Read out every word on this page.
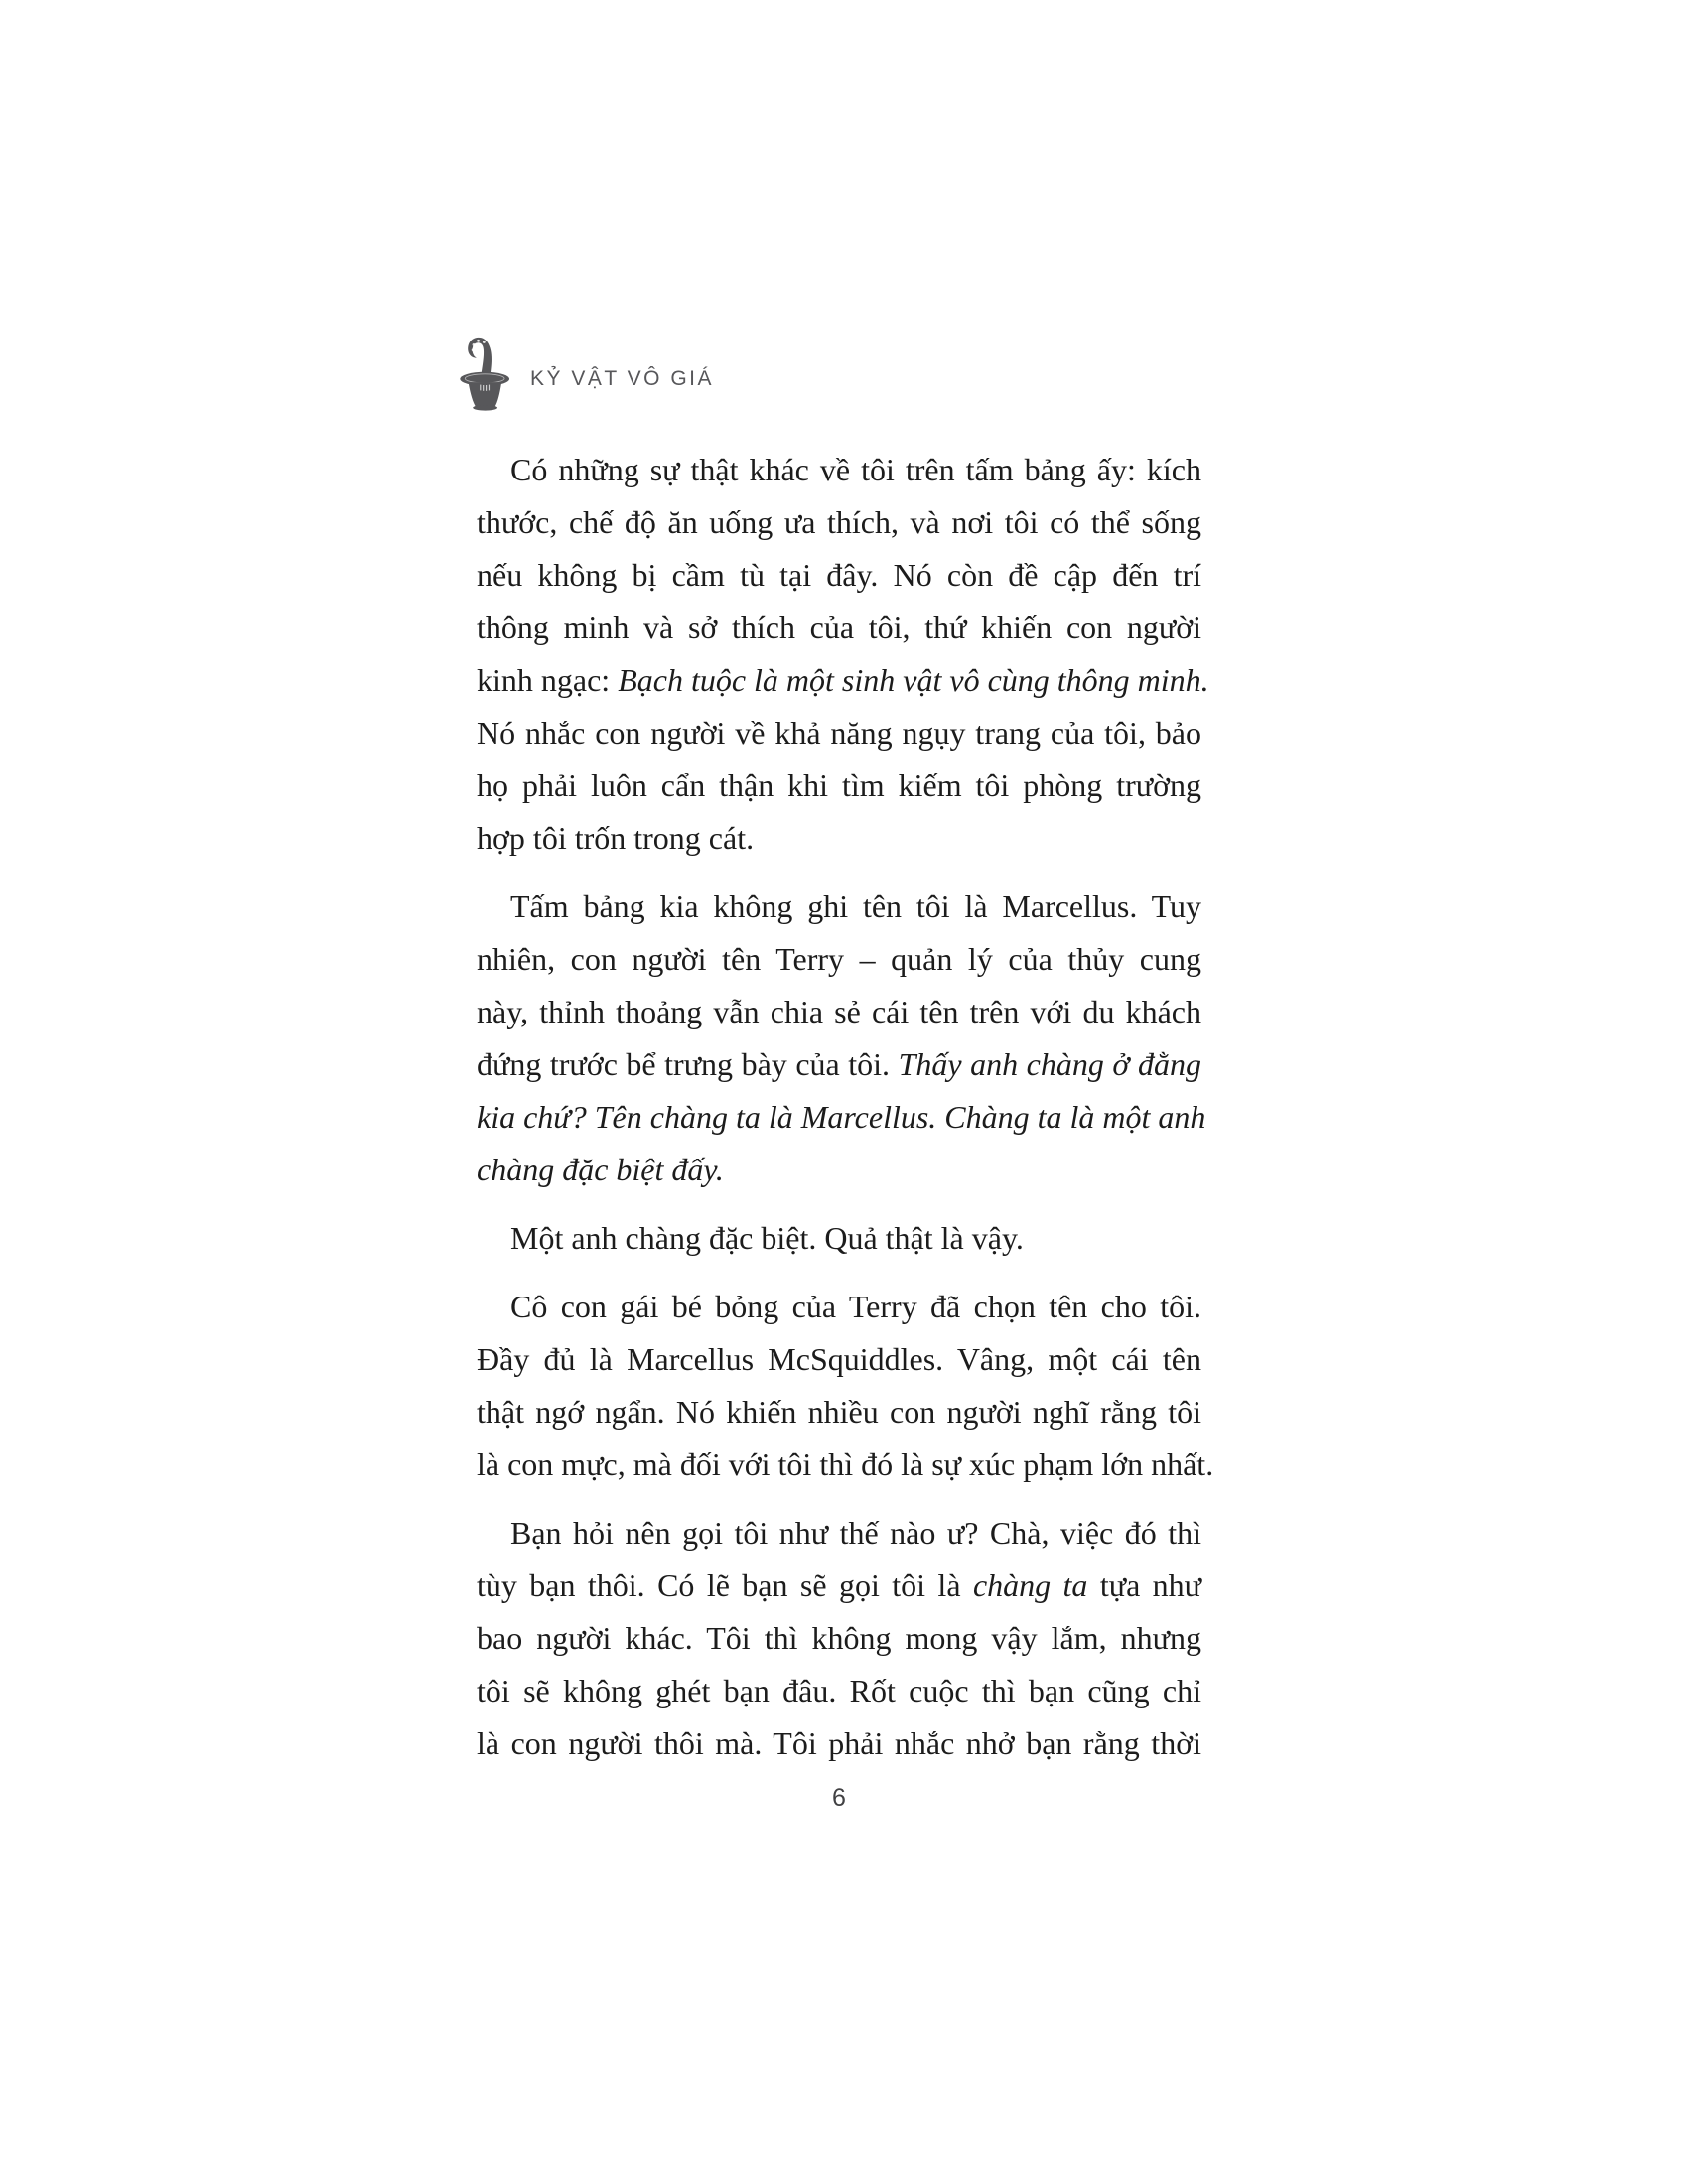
KỶ VẬT VÔ GIÁ
Có những sự thật khác về tôi trên tấm bảng ấy: kích
thước, chế độ ăn uống ưa thích, và nơi tôi có thể sống
nếu không bị cầm tù tại đây. Nó còn đề cập đến trí
thông minh và sở thích của tôi, thứ khiến con người
kinh ngạc: Bạch tuộc là một sinh vật vô cùng thông minh.
Nó nhắc con người về khả năng ngụy trang của tôi, bảo
họ phải luôn cẩn thận khi tìm kiếm tôi phòng trường
hợp tôi trốn trong cát.
Tấm bảng kia không ghi tên tôi là Marcellus. Tuy
nhiên, con người tên Terry – quản lý của thủy cung
này, thỉnh thoảng vẫn chia sẻ cái tên trên với du khách
đứng trước bể trưng bày của tôi. Thấy anh chàng ở đằng
kia chứ? Tên chàng ta là Marcellus. Chàng ta là một anh
chàng đặc biệt đấy.
Một anh chàng đặc biệt. Quả thật là vậy.
Cô con gái bé bỏng của Terry đã chọn tên cho tôi.
Đầy đủ là Marcellus McSquiddles. Vâng, một cái tên
thật ngớ ngẩn. Nó khiến nhiều con người nghĩ rằng tôi
là con mực, mà đối với tôi thì đó là sự xúc phạm lớn nhất.
Bạn hỏi nên gọi tôi như thế nào ư? Chà, việc đó thì
tùy bạn thôi. Có lẽ bạn sẽ gọi tôi là chàng ta tựa như
bao người khác. Tôi thì không mong vậy lắm, nhưng
tôi sẽ không ghét bạn đâu. Rốt cuộc thì bạn cũng chỉ
là con người thôi mà. Tôi phải nhắc nhở bạn rằng thời
6
